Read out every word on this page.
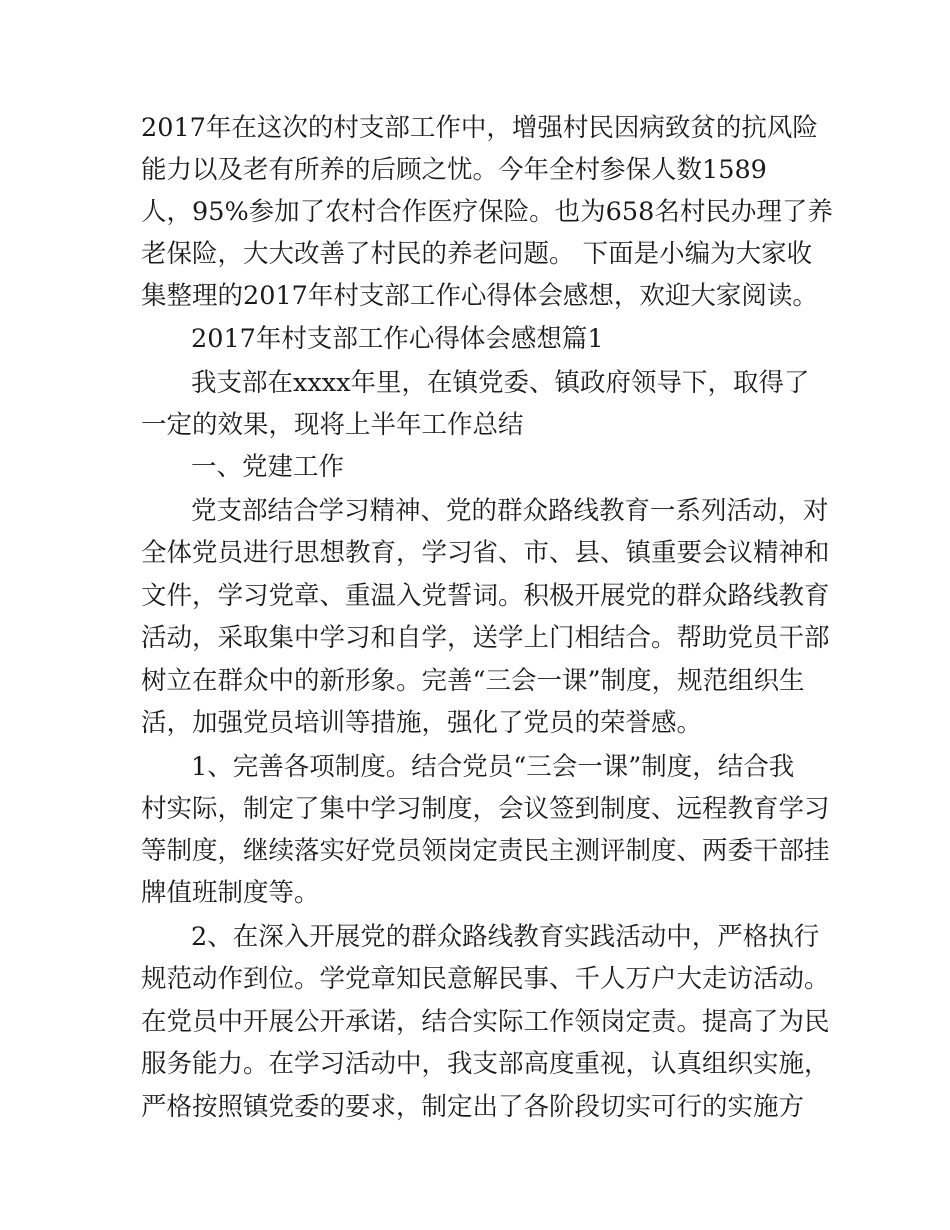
2017年在这次的村支部工作中，增强村民因病致贫的抗风险
能力以及老有所养的后顾之忧。今年全村参保人数1589
人，95%参加了农村合作医疗保险。也为658名村民办理了养
老保险，大大改善了村民的养老问题。 下面是小编为大家收
集整理的2017年村支部工作心得体会感想，欢迎大家阅读。
2017年村支部工作心得体会感想篇1
我支部在xxxx年里，在镇党委、镇政府领导下，取得了
一定的效果，现将上半年工作总结
一、党建工作
党支部结合学习精神、党的群众路线教育一系列活动，对
全体党员进行思想教育，学习省、市、县、镇重要会议精神和
文件，学习党章、重温入党誓词。积极开展党的群众路线教育
活动，采取集中学习和自学，送学上门相结合。帮助党员干部
树立在群众中的新形象。完善“三会一课”制度，规范组织生
活，加强党员培训等措施，强化了党员的荣誉感。
1、完善各项制度。结合党员“三会一课”制度，结合我
村实际，制定了集中学习制度，会议签到制度、远程教育学习
等制度，继续落实好党员领岗定责民主测评制度、两委干部挂
牌值班制度等。
2、在深入开展党的群众路线教育实践活动中，严格执行
规范动作到位。学党章知民意解民事、千人万户大走访活动。
在党员中开展公开承诺，结合实际工作领岗定责。提高了为民
服务能力。在学习活动中，我支部高度重视，认真组织实施，
严格按照镇党委的要求，制定出了各阶段切实可行的实施方
